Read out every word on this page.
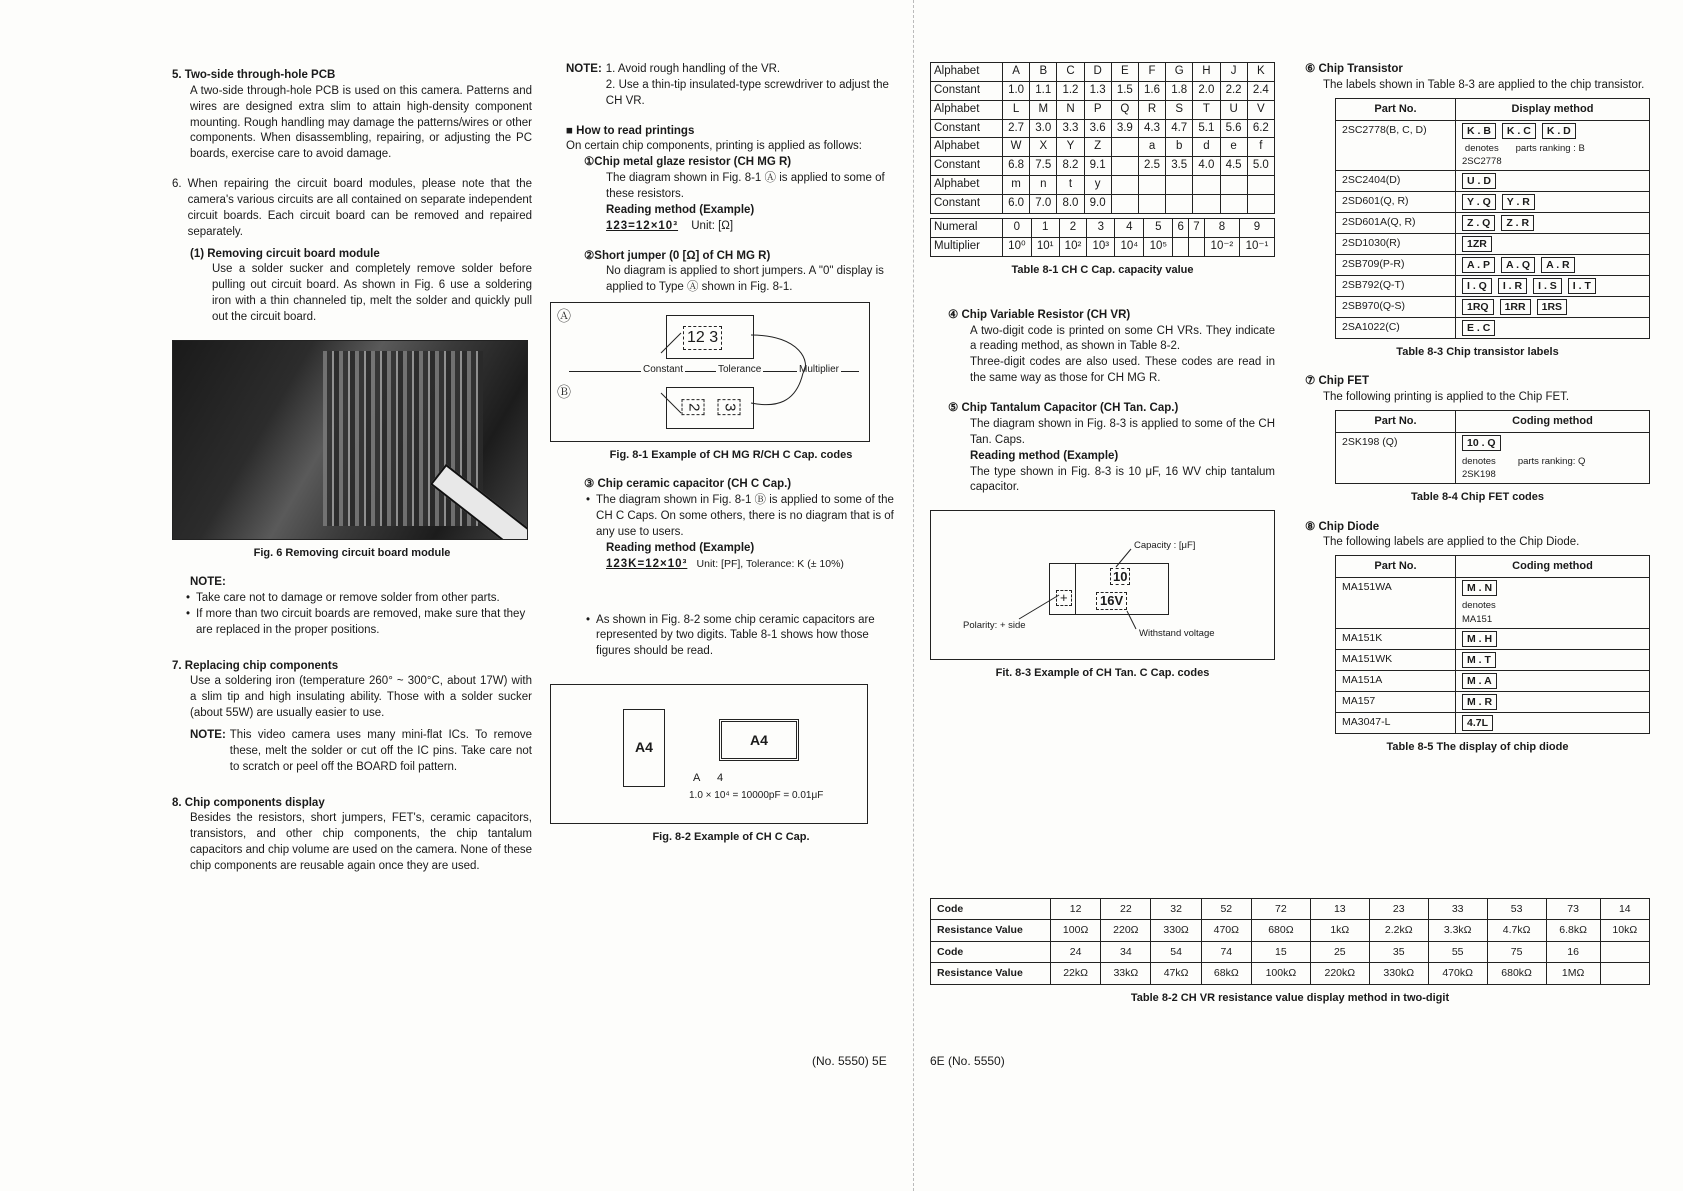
5. Two-side through-hole PCB
A two-side through-hole PCB is used on this camera. Patterns and wires are designed extra slim to attain high-density component mounting. Rough handling may damage the patterns/wires or other components. When disassembling, repairing, or adjusting the PC boards, exercise care to avoid damage.
6. When repairing the circuit board modules, please note that the camera's various circuits are all contained on separate independent circuit boards. Each circuit board can be removed and repaired separately.
(1) Removing circuit board module
Use a solder sucker and completely remove solder before pulling out circuit board. As shown in Fig. 6 use a soldering iron with a thin channeled tip, melt the solder and quickly pull out the circuit board.
Fig. 6 Removing circuit board module
NOTE:
• Take care not to damage or remove solder from other parts.
• If more than two circuit boards are removed, make sure that they are replaced in the proper positions.
7. Replacing chip components
Use a soldering iron (temperature 260° ~ 300°C, about 17W) with a slim tip and high insulating ability. Those with a solder sucker (about 55W) are usually easier to use.
NOTE: This video camera uses many mini-flat ICs. To remove these, melt the solder or cut off the IC pins. Take care not to scratch or peel off the BOARD foil pattern.
8. Chip components display
Besides the resistors, short jumpers, FET's, ceramic capacitors, transistors, and other chip components, the chip tantalum capacitors and chip volume are used on the camera. None of these chip components are reusable again once they are used.
NOTE: 1. Avoid rough handling of the VR.
2. Use a thin-tip insulated-type screwdriver to adjust the CH VR.
■ How to read printings
On certain chip components, printing is applied as follows:
①Chip metal glaze resistor (CH MG R)
The diagram shown in Fig. 8-1 Ⓐ is applied to some of these resistors.
Reading method (Example)
123=12×10³ Unit: [Ω]
②Short jumper (0 [Ω] of CH MG R)
No diagram is applied to short jumpers. A "0" display is applied to Type Ⓐ shown in Fig. 8-1.
Ⓐ
Ⓑ
12 3
Constant	Tolerance	Multiplier
2 3
Fig. 8-1 Example of CH MG R/CH C Cap. codes
③ Chip ceramic capacitor (CH C Cap.)
• The diagram shown in Fig. 8-1 Ⓑ is applied to some of the CH C Caps. On some others, there is no diagram that is of any use to users.
Reading method (Example)
123K=12×10³ Unit: [PF], Tolerance: K (± 10%)
• As shown in Fig. 8-2 some chip ceramic capacitors are represented by two digits. Table 8-1 shows how those figures should be read.
A4	A4
A 4
1.0 × 10⁴ = 10000pF = 0.01μF
Fig. 8-2 Example of CH C Cap.
Alphabet	A	B	C	D	E	F	G	H	J	K
Constant	1.0	1.1	1.2	1.3	1.5	1.6	1.8	2.0	2.2	2.4
Alphabet	L	M	N	P	Q	R	S	T	U	V
Constant	2.7	3.0	3.3	3.6	3.9	4.3	4.7	5.1	5.6	6.2
Alphabet	W	X	Y	Z		a	b	d	e	f
Constant	6.8	7.5	8.2	9.1		2.5	3.5	4.0	4.5	5.0
Alphabet	m	n	t	y						
Constant	6.0	7.0	8.0	9.0						
Numeral	0	1	2	3	4	5	6	7	8	9
Multiplier	10⁰	10¹	10²	10³	10⁴	10⁵			10⁻²	10⁻¹
Table 8-1 CH C Cap. capacity value
④ Chip Variable Resistor (CH VR)
A two-digit code is printed on some CH VRs. They indicate a reading method, as shown in Table 8-2.
Three-digit codes are also used. These codes are read in the same way as those for CH MG R.
⑤ Chip Tantalum Capacitor (CH Tan. Cap.)
The diagram shown in Fig. 8-3 is applied to some of the CH Tan. Caps.
Reading method (Example)
The type shown in Fig. 8-3 is 10 μF, 16 WV chip tantalum capacitor.
Capacity : [μF]
+
10
16V
Polarity: + side
Withstand voltage
Fit. 8-3 Example of CH Tan. C Cap. codes
⑥ Chip Transistor
The labels shown in Table 8-3 are applied to the chip transistor.
Part No.	Display method
2SC2778(B, C, D)	K . B K . C K . D
denotes
2SC2778
parts ranking : B

2SC2404(D)	U . D
2SD601(Q, R)	Y . Q Y . R
2SD601A(Q, R)	Z . Q Z . R
2SD1030(R)	1ZR
2SB709(P-R)	A . P A . Q A . R
2SB792(Q-T)	I . Q I . R I . S I . T
2SB970(Q-S)	1RQ 1RR 1RS
2SA1022(C)	E . C
Table 8-3 Chip transistor labels
⑦ Chip FET
The following printing is applied to the Chip FET.
Part No.	Coding method
2SK198 (Q)	10 . Q
denotes
2SK198
parts ranking: Q
Table 8-4 Chip FET codes
⑧ Chip Diode
The following labels are applied to the Chip Diode.
Part No.	Coding method
MA151WA	M . N
denotes
MA151

MA151K	M . H
MA151WK	M . T
MA151A	M . A
MA157	M . R
MA3047-L	4.7L
Table 8-5 The display of chip diode
Code	12	22	32	52	72	13	23	33	53	73	14
Resistance Value	100Ω	220Ω	330Ω	470Ω	680Ω	1kΩ	2.2kΩ	3.3kΩ	4.7kΩ	6.8kΩ	10kΩ
Code	24	34	54	74	15	25	35	55	75	16	
Resistance Value	22kΩ	33kΩ	47kΩ	68kΩ	100kΩ	220kΩ	330kΩ	470kΩ	680kΩ	1MΩ	
Table 8-2 CH VR resistance value display method in two-digit
(No. 5550) 5E	6E (No. 5550)
